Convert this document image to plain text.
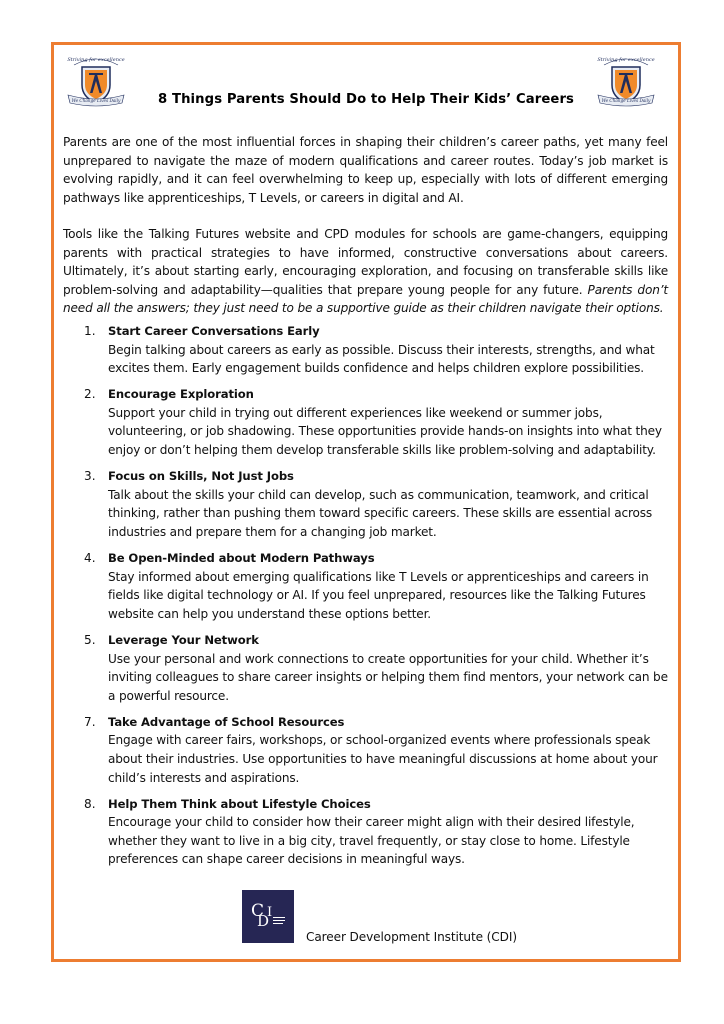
Striving for excellence
We Change Lives Daily
Striving for excellence
We Change Lives Daily
8 Things Parents Should Do to Help Their Kids’ Careers

Parents are one of the most influential forces in shaping their children’s career paths, yet many feel unprepared to navigate the maze of modern qualifications and career routes. Today’s job market is evolving rapidly, and it can feel overwhelming to keep up, especially with lots of different emerging pathways like apprenticeships, T Levels, or careers in digital and AI.

Tools like the Talking Futures website and CPD modules for schools are game-changers, equipping parents with practical strategies to have informed, constructive conversations about careers. Ultimately, it’s about starting early, encouraging exploration, and focusing on transferable skills like problem-solving and adaptability—qualities that prepare young people for any future. Parents don’t need all the answers; they just need to be a supportive guide as their children navigate their options.

1. Start Career Conversations Early
Begin talking about careers as early as possible. Discuss their interests, strengths, and what excites them. Early engagement builds confidence and helps children explore possibilities.
2. Encourage Exploration
Support your child in trying out different experiences like weekend or summer jobs, volunteering, or job shadowing. These opportunities provide hands-on insights into what they enjoy or don’t helping them develop transferable skills like problem-solving and adaptability.
3. Focus on Skills, Not Just Jobs
Talk about the skills your child can develop, such as communication, teamwork, and critical thinking, rather than pushing them toward specific careers. These skills are essential across industries and prepare them for a changing job market.
4. Be Open-Minded about Modern Pathways
Stay informed about emerging qualifications like T Levels or apprenticeships and careers in fields like digital technology or AI. If you feel unprepared, resources like the Talking Futures website can help you understand these options better.
5. Leverage Your Network
Use your personal and work connections to create opportunities for your child. Whether it’s inviting colleagues to share career insights or helping them find mentors, your network can be a powerful resource.
7. Take Advantage of School Resources
Engage with career fairs, workshops, or school-organized events where professionals speak about their industries. Use opportunities to have meaningful discussions at home about your child’s interests and aspirations.
8. Help Them Think about Lifestyle Choices
Encourage your child to consider how their career might align with their desired lifestyle, whether they want to live in a big city, travel frequently, or stay close to home. Lifestyle preferences can shape career decisions in meaningful ways.
C
D
I
Career Development Institute (CDI)
